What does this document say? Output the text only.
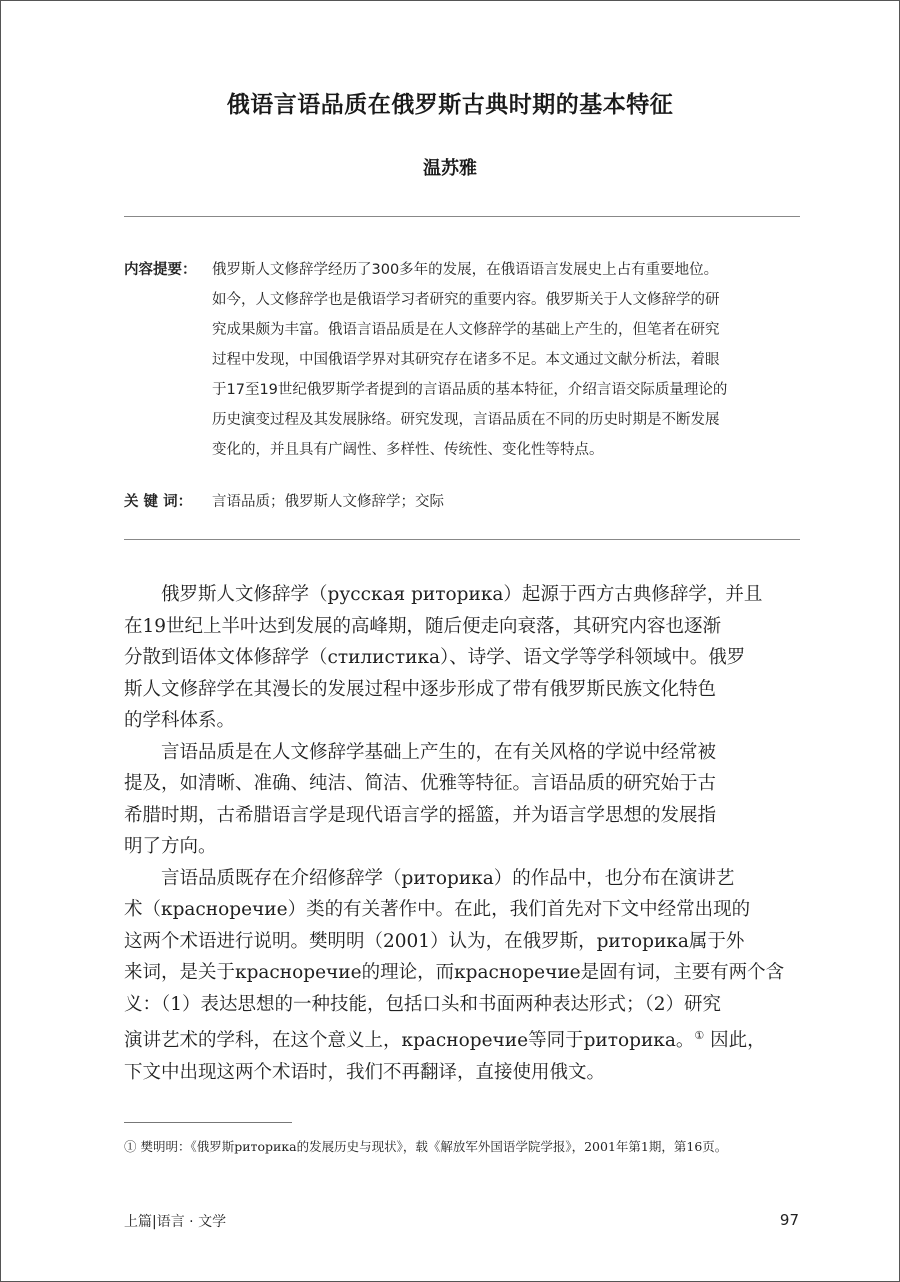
俄语言语品质在俄罗斯古典时期的基本特征
温苏雅
内容提要： 俄罗斯人文修辞学经历了300多年的发展，在俄语语言发展史上占有重要地位。
如今，人文修辞学也是俄语学习者研究的重要内容。俄罗斯关于人文修辞学的研
究成果颇为丰富。俄语言语品质是在人文修辞学的基础上产生的，但笔者在研究
过程中发现，中国俄语学界对其研究存在诸多不足。本文通过文献分析法，着眼
于17至19世纪俄罗斯学者提到的言语品质的基本特征，介绍言语交际质量理论的
历史演变过程及其发展脉络。研究发现，言语品质在不同的历史时期是不断发展
变化的，并且具有广阔性、多样性、传统性、变化性等特点。
关 键 词： 言语品质；俄罗斯人文修辞学；交际

　　俄罗斯人文修辞学（русская риторика）起源于西方古典修辞学，并且
在19世纪上半叶达到发展的高峰期，随后便走向衰落，其研究内容也逐渐
分散到语体文体修辞学（стилистика）、诗学、语文学等学科领域中。俄罗
斯人文修辞学在其漫长的发展过程中逐步形成了带有俄罗斯民族文化特色
的学科体系。

　　言语品质是在人文修辞学基础上产生的，在有关风格的学说中经常被
提及，如清晰、准确、纯洁、简洁、优雅等特征。言语品质的研究始于古
希腊时期，古希腊语言学是现代语言学的摇篮，并为语言学思想的发展指
明了方向。

　　言语品质既存在介绍修辞学（риторика）的作品中，也分布在演讲艺
术（красноречие）类的有关著作中。在此，我们首先对下文中经常出现的
这两个术语进行说明。樊明明（2001）认为，在俄罗斯，риторика属于外
来词，是关于красноречие的理论，而красноречие是固有词，主要有两个含
义：（1）表达思想的一种技能，包括口头和书面两种表达形式；（2）研究
演讲艺术的学科，在这个意义上，красноречие等同于риторика。① 因此，
下文中出现这两个术语时，我们不再翻译，直接使用俄文。

① 樊明明：《俄罗斯риторика的发展历史与现状》，载《解放军外国语学院学报》，2001年第1期，第16页。
上篇|语言 · 文学	97
